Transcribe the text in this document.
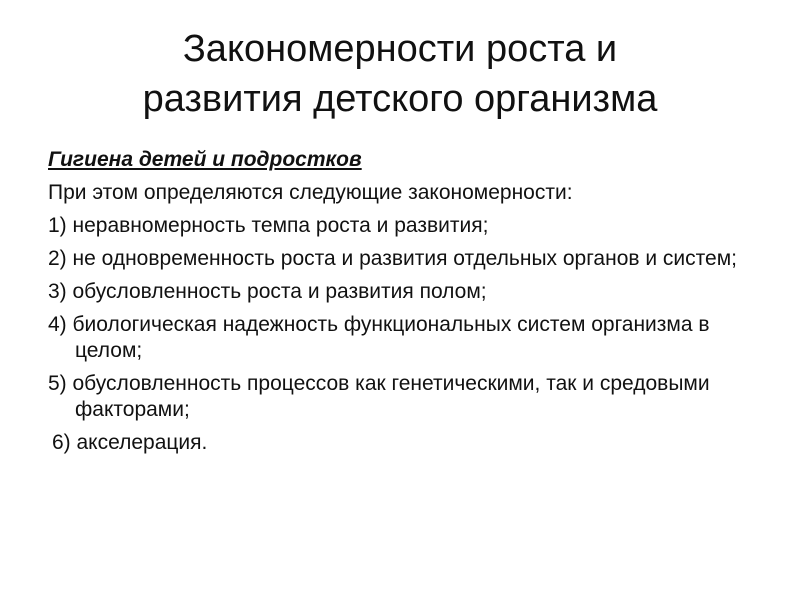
Закономерности роста и
развития детского организма
Гигиена детей и подростков
При этом определяются следующие закономерности:
1) неравномерность темпа роста и развития;
2) не одновременность роста и развития отдельных органов и систем;
3) обусловленность роста и развития полом;
4) биологическая надежность функциональных систем организма в целом;
5) обусловленность процессов как генетическими, так и средовыми факторами;
6) акселерация.
